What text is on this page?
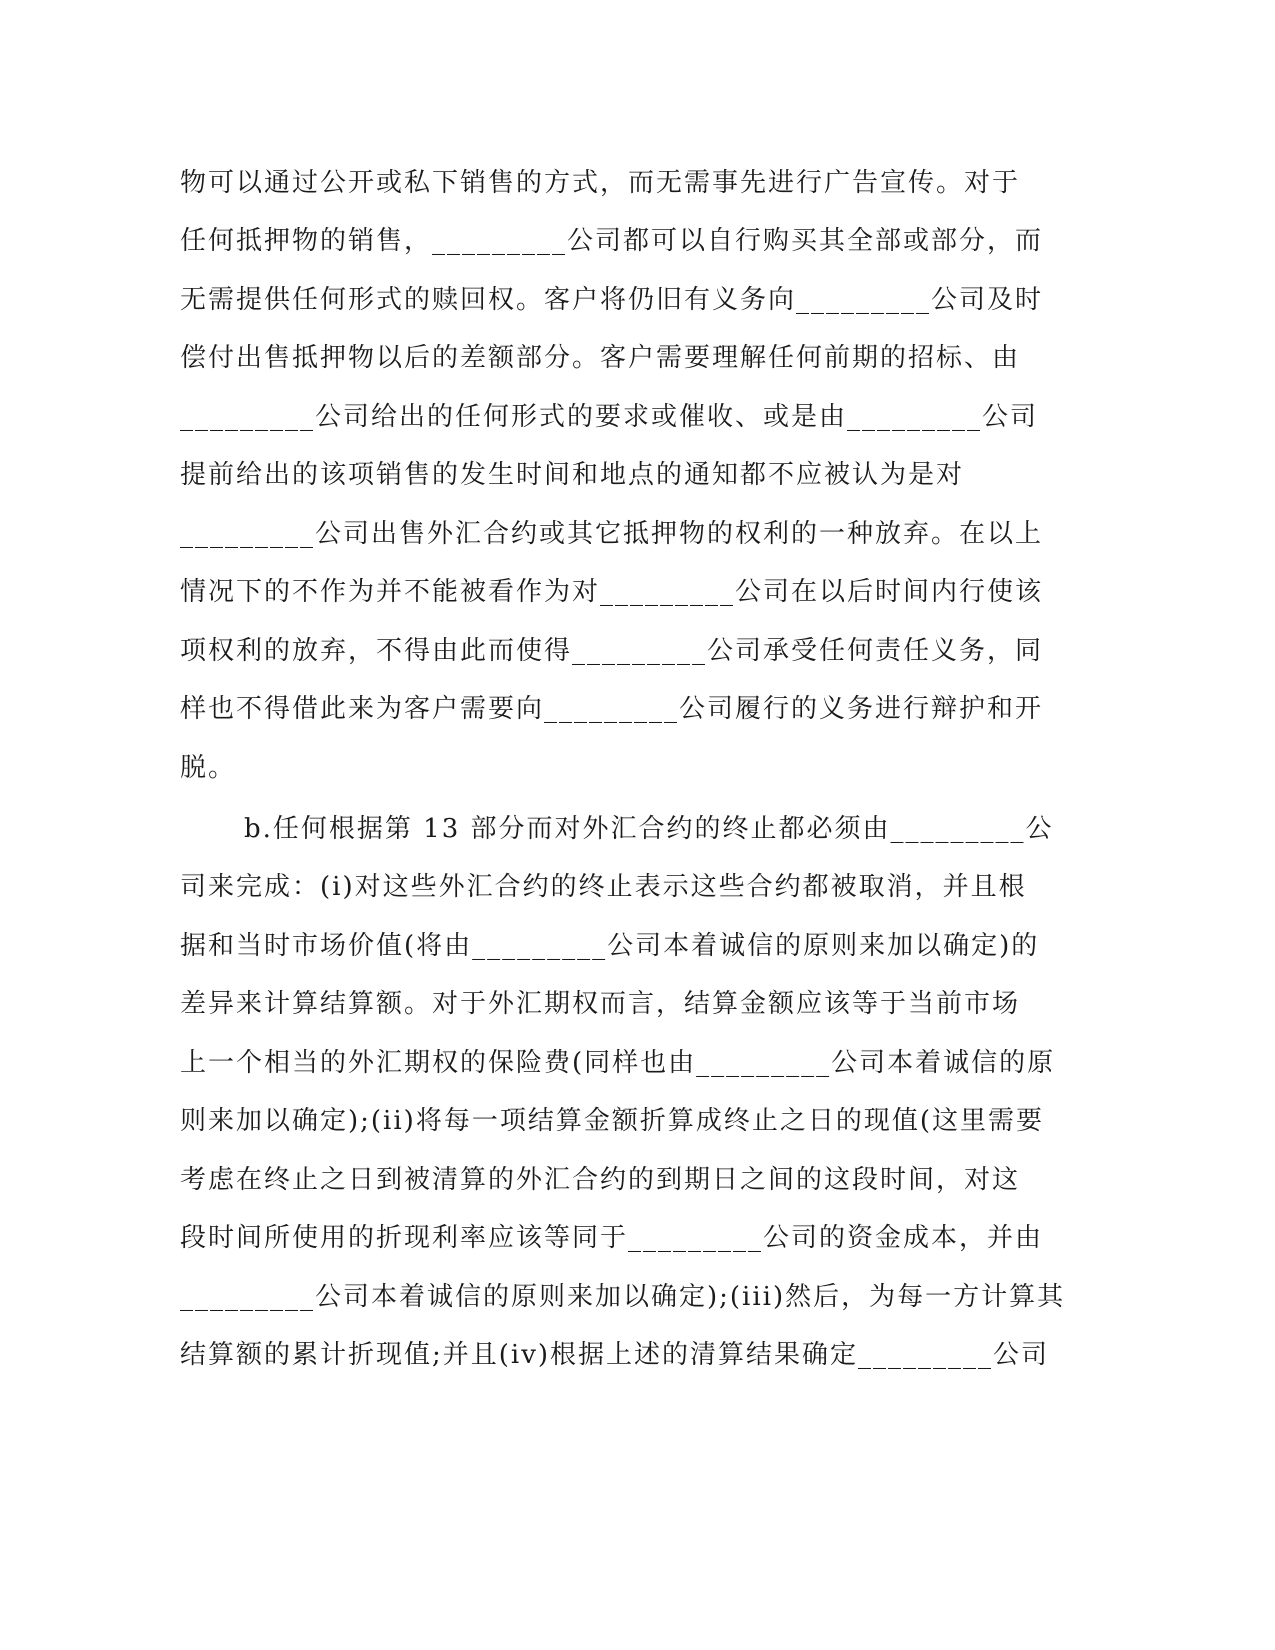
物可以通过公开或私下销售的方式，而无需事先进行广告宣传。对于
任何抵押物的销售，_________公司都可以自行购买其全部或部分，而
无需提供任何形式的赎回权。客户将仍旧有义务向_________公司及时
偿付出售抵押物以后的差额部分。客户需要理解任何前期的招标、由
_________公司给出的任何形式的要求或催收、或是由_________公司
提前给出的该项销售的发生时间和地点的通知都不应被认为是对
_________公司出售外汇合约或其它抵押物的权利的一种放弃。在以上
情况下的不作为并不能被看作为对_________公司在以后时间内行使该
项权利的放弃，不得由此而使得_________公司承受任何责任义务，同
样也不得借此来为客户需要向_________公司履行的义务进行辩护和开
脱。
b.任何根据第 13 部分而对外汇合约的终止都必须由_________公
司来完成：(i)对这些外汇合约的终止表示这些合约都被取消，并且根
据和当时市场价值(将由_________公司本着诚信的原则来加以确定)的
差异来计算结算额。对于外汇期权而言，结算金额应该等于当前市场
上一个相当的外汇期权的保险费(同样也由_________公司本着诚信的原
则来加以确定);(ii)将每一项结算金额折算成终止之日的现值(这里需要
考虑在终止之日到被清算的外汇合约的到期日之间的这段时间，对这
段时间所使用的折现利率应该等同于_________公司的资金成本，并由
_________公司本着诚信的原则来加以确定);(iii)然后，为每一方计算其
结算额的累计折现值;并且(iv)根据上述的清算结果确定_________公司
